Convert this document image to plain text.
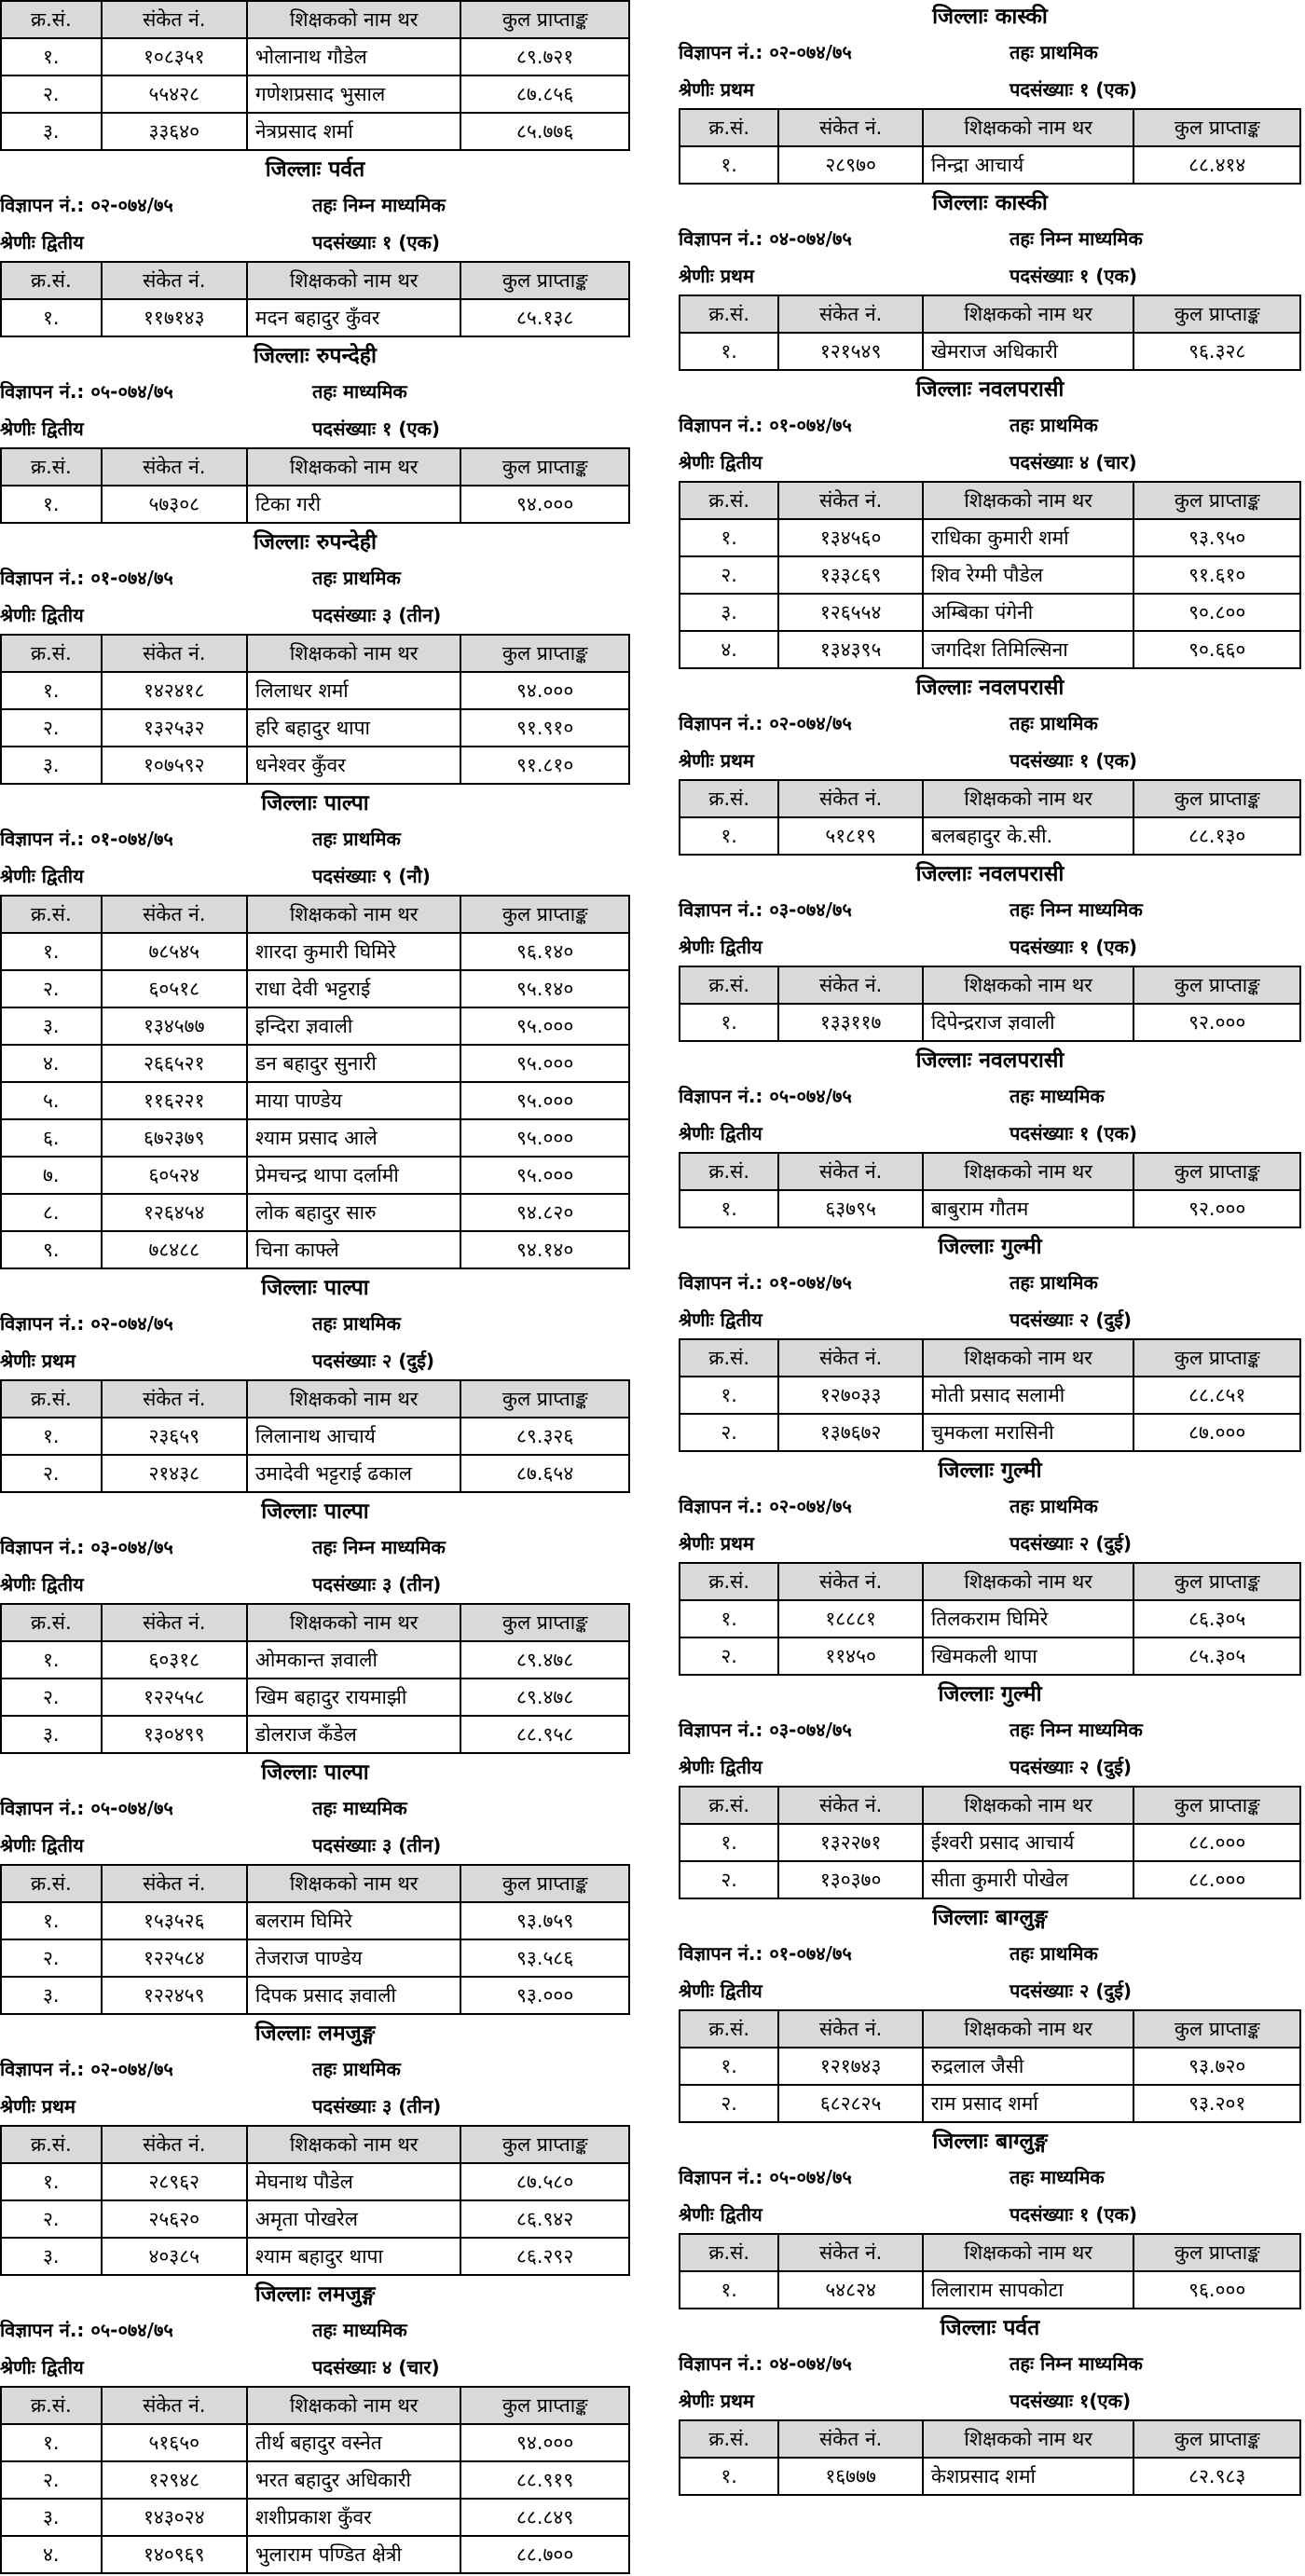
क्र.सं.	संकेत नं.	शिक्षकको नाम थर	कुल प्राप्ताङ्क
१.	१०८३५१	भोलानाथ गौडेल	८९.७२१
२.	५५४२८	गणेशप्रसाद भुसाल	८७.८५६
३.	३३६४०	नेत्रप्रसाद शर्मा	८५.७७६
जिल्लाः पर्वत
विज्ञापन नं.: ०२-०७४/७५	तहः निम्न माध्यमिक
श्रेणीः द्वितीय	पदसंख्याः १ (एक)
क्र.सं.	संकेत नं.	शिक्षकको नाम थर	कुल प्राप्ताङ्क
१.	११७१४३	मदन बहादुर कुँवर	८५.१३८
जिल्लाः रुपन्देही
विज्ञापन नं.: ०५-०७४/७५	तहः माध्यमिक
श्रेणीः द्वितीय	पदसंख्याः १ (एक)
क्र.सं.	संकेत नं.	शिक्षकको नाम थर	कुल प्राप्ताङ्क
१.	५७३०८	टिका गरी	९४.०००
जिल्लाः रुपन्देही
विज्ञापन नं.: ०१-०७४/७५	तहः प्राथमिक
श्रेणीः द्वितीय	पदसंख्याः ३ (तीन)
क्र.सं.	संकेत नं.	शिक्षकको नाम थर	कुल प्राप्ताङ्क
१.	१४२४१८	लिलाधर शर्मा	९४.०००
२.	१३२५३२	हरि बहादुर थापा	९१.९१०
३.	१०७५९२	धनेश्वर कुँवर	९१.८१०
जिल्लाः पाल्पा
विज्ञापन नं.: ०१-०७४/७५	तहः प्राथमिक
श्रेणीः द्वितीय	पदसंख्याः ९ (नौ)
क्र.सं.	संकेत नं.	शिक्षकको नाम थर	कुल प्राप्ताङ्क
१.	७८५४५	शारदा कुमारी घिमिरे	९६.१४०
२.	६०५१८	राधा देवी भट्टराई	९५.१४०
३.	१३४५७७	इन्दिरा ज्ञवाली	९५.०००
४.	२६६५२१	डन बहादुर सुनारी	९५.०००
५.	११६२२१	माया पाण्डेय	९५.०००
६.	६७२३७९	श्याम प्रसाद आले	९५.०००
७.	६०५२४	प्रेमचन्द्र थापा दर्लामी	९५.०००
८.	१२६४५४	लोक बहादुर सारु	९४.८२०
९.	७८४८८	चिना काफ्ले	९४.१४०
जिल्लाः पाल्पा
विज्ञापन नं.: ०२-०७४/७५	तहः प्राथमिक
श्रेणीः प्रथम	पदसंख्याः २ (दुई)
क्र.सं.	संकेत नं.	शिक्षकको नाम थर	कुल प्राप्ताङ्क
१.	२३६५९	लिलानाथ आचार्य	८९.३२६
२.	२१४३८	उमादेवी भट्टराई ढकाल	८७.६५४
जिल्लाः पाल्पा
विज्ञापन नं.: ०३-०७४/७५	तहः निम्न माध्यमिक
श्रेणीः द्वितीय	पदसंख्याः ३ (तीन)
क्र.सं.	संकेत नं.	शिक्षकको नाम थर	कुल प्राप्ताङ्क
१.	६०३१८	ओमकान्त ज्ञवाली	८९.४७८
२.	१२२५५८	खिम बहादुर रायमाझी	८९.४७८
३.	१३०४९९	डोलराज कँडेल	८८.९५८
जिल्लाः पाल्पा
विज्ञापन नं.: ०५-०७४/७५	तहः माध्यमिक
श्रेणीः द्वितीय	पदसंख्याः ३ (तीन)
क्र.सं.	संकेत नं.	शिक्षकको नाम थर	कुल प्राप्ताङ्क
१.	१५३५२६	बलराम घिमिरे	९३.७५९
२.	१२२५८४	तेजराज पाण्डेय	९३.५८६
३.	१२२४५९	दिपक प्रसाद ज्ञवाली	९३.०००
जिल्लाः लमजुङ्ग
विज्ञापन नं.: ०२-०७४/७५	तहः प्राथमिक
श्रेणीः प्रथम	पदसंख्याः ३ (तीन)
क्र.सं.	संकेत नं.	शिक्षकको नाम थर	कुल प्राप्ताङ्क
१.	२८९६२	मेघनाथ पौडेल	८७.५८०
२.	२५६२०	अमृता पोखरेल	८६.९४२
३.	४०३८५	श्याम बहादुर थापा	८६.२९२
जिल्लाः लमजुङ्ग
विज्ञापन नं.: ०५-०७४/७५	तहः माध्यमिक
श्रेणीः द्वितीय	पदसंख्याः ४ (चार)
क्र.सं.	संकेत नं.	शिक्षकको नाम थर	कुल प्राप्ताङ्क
१.	५१६५०	तीर्थ बहादुर वस्नेत	९४.०००
२.	१२९४८	भरत बहादुर अधिकारी	८८.९१९
३.	१४३०२४	शशीप्रकाश कुँवर	८८.८४९
४.	१४०९६९	भुलाराम पण्डित क्षेत्री	८८.७००
जिल्लाः कास्की
विज्ञापन नं.: ०२-०७४/७५	तहः प्राथमिक
श्रेणीः प्रथम	पदसंख्याः १ (एक)
क्र.सं.	संकेत नं.	शिक्षकको नाम थर	कुल प्राप्ताङ्क
१.	२८९७०	निन्द्रा आचार्य	८८.४१४
जिल्लाः कास्की
विज्ञापन नं.: ०४-०७४/७५	तहः निम्न माध्यमिक
श्रेणीः प्रथम	पदसंख्याः १ (एक)
क्र.सं.	संकेत नं.	शिक्षकको नाम थर	कुल प्राप्ताङ्क
१.	१२१५४९	खेमराज अधिकारी	९६.३२८
जिल्लाः नवलपरासी
विज्ञापन नं.: ०१-०७४/७५	तहः प्राथमिक
श्रेणीः द्वितीय	पदसंख्याः ४ (चार)
क्र.सं.	संकेत नं.	शिक्षकको नाम थर	कुल प्राप्ताङ्क
१.	१३४५६०	राधिका कुमारी शर्मा	९३.९५०
२.	१३३८६९	शिव रेग्मी पौडेल	९१.६१०
३.	१२६५५४	अम्बिका पंगेनी	९०.८००
४.	१३४३९५	जगदिश तिमिल्सिना	९०.६६०
जिल्लाः नवलपरासी
विज्ञापन नं.: ०२-०७४/७५	तहः प्राथमिक
श्रेणीः प्रथम	पदसंख्याः १ (एक)
क्र.सं.	संकेत नं.	शिक्षकको नाम थर	कुल प्राप्ताङ्क
१.	५१८१९	बलबहादुर के.सी.	८८.१३०
जिल्लाः नवलपरासी
विज्ञापन नं.: ०३-०७४/७५	तहः निम्न माध्यमिक
श्रेणीः द्वितीय	पदसंख्याः १ (एक)
क्र.सं.	संकेत नं.	शिक्षकको नाम थर	कुल प्राप्ताङ्क
१.	१३३११७	दिपेन्द्रराज ज्ञवाली	९२.०००
जिल्लाः नवलपरासी
विज्ञापन नं.: ०५-०७४/७५	तहः माध्यमिक
श्रेणीः द्वितीय	पदसंख्याः १ (एक)
क्र.सं.	संकेत नं.	शिक्षकको नाम थर	कुल प्राप्ताङ्क
१.	६३७९५	बाबुराम गौतम	९२.०००
जिल्लाः गुल्मी
विज्ञापन नं.: ०१-०७४/७५	तहः प्राथमिक
श्रेणीः द्वितीय	पदसंख्याः २ (दुई)
क्र.सं.	संकेत नं.	शिक्षकको नाम थर	कुल प्राप्ताङ्क
१.	१२७०३३	मोती प्रसाद सलामी	८८.८५१
२.	१३७६७२	चुमकला मरासिनी	८७.०००
जिल्लाः गुल्मी
विज्ञापन नं.: ०२-०७४/७५	तहः प्राथमिक
श्रेणीः प्रथम	पदसंख्याः २ (दुई)
क्र.सं.	संकेत नं.	शिक्षकको नाम थर	कुल प्राप्ताङ्क
१.	१८८८१	तिलकराम घिमिरे	८६.३०५
२.	११४५०	खिमकली थापा	८५.३०५
जिल्लाः गुल्मी
विज्ञापन नं.: ०३-०७४/७५	तहः निम्न माध्यमिक
श्रेणीः द्वितीय	पदसंख्याः २ (दुई)
क्र.सं.	संकेत नं.	शिक्षकको नाम थर	कुल प्राप्ताङ्क
१.	१३२२७१	ईश्वरी प्रसाद आचार्य	८८.०००
२.	१३०३७०	सीता कुमारी पोखेल	८८.०००
जिल्लाः बाग्लुङ्ग
विज्ञापन नं.: ०१-०७४/७५	तहः प्राथमिक
श्रेणीः द्वितीय	पदसंख्याः २ (दुई)
क्र.सं.	संकेत नं.	शिक्षकको नाम थर	कुल प्राप्ताङ्क
१.	१२१७४३	रुद्रलाल जैसी	९३.७२०
२.	६८२८२५	राम प्रसाद शर्मा	९३.२०१
जिल्लाः बाग्लुङ्ग
विज्ञापन नं.: ०५-०७४/७५	तहः माध्यमिक
श्रेणीः द्वितीय	पदसंख्याः १ (एक)
क्र.सं.	संकेत नं.	शिक्षकको नाम थर	कुल प्राप्ताङ्क
१.	५४८२४	लिलाराम सापकोटा	९६.०००
जिल्लाः पर्वत
विज्ञापन नं.: ०४-०७४/७५	तहः निम्न माध्यमिक
श्रेणीः प्रथम	पदसंख्याः १(एक)
क्र.सं.	संकेत नं.	शिक्षकको नाम थर	कुल प्राप्ताङ्क
१.	१६७७७	केशप्रसाद शर्मा	८२.९८३
